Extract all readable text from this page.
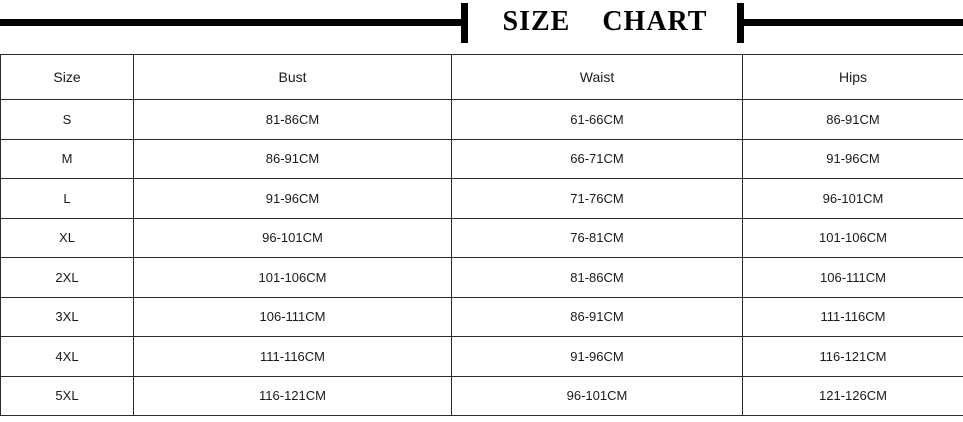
SIZE    CHART
Size	Bust	Waist	Hips
S	81-86CM	61-66CM	86-91CM
M	86-91CM	66-71CM	91-96CM
L	91-96CM	71-76CM	96-101CM
XL	96-101CM	76-81CM	101-106CM
2XL	101-106CM	81-86CM	106-111CM
3XL	106-111CM	86-91CM	111-116CM
4XL	111-116CM	91-96CM	116-121CM
5XL	116-121CM	96-101CM	121-126CM
